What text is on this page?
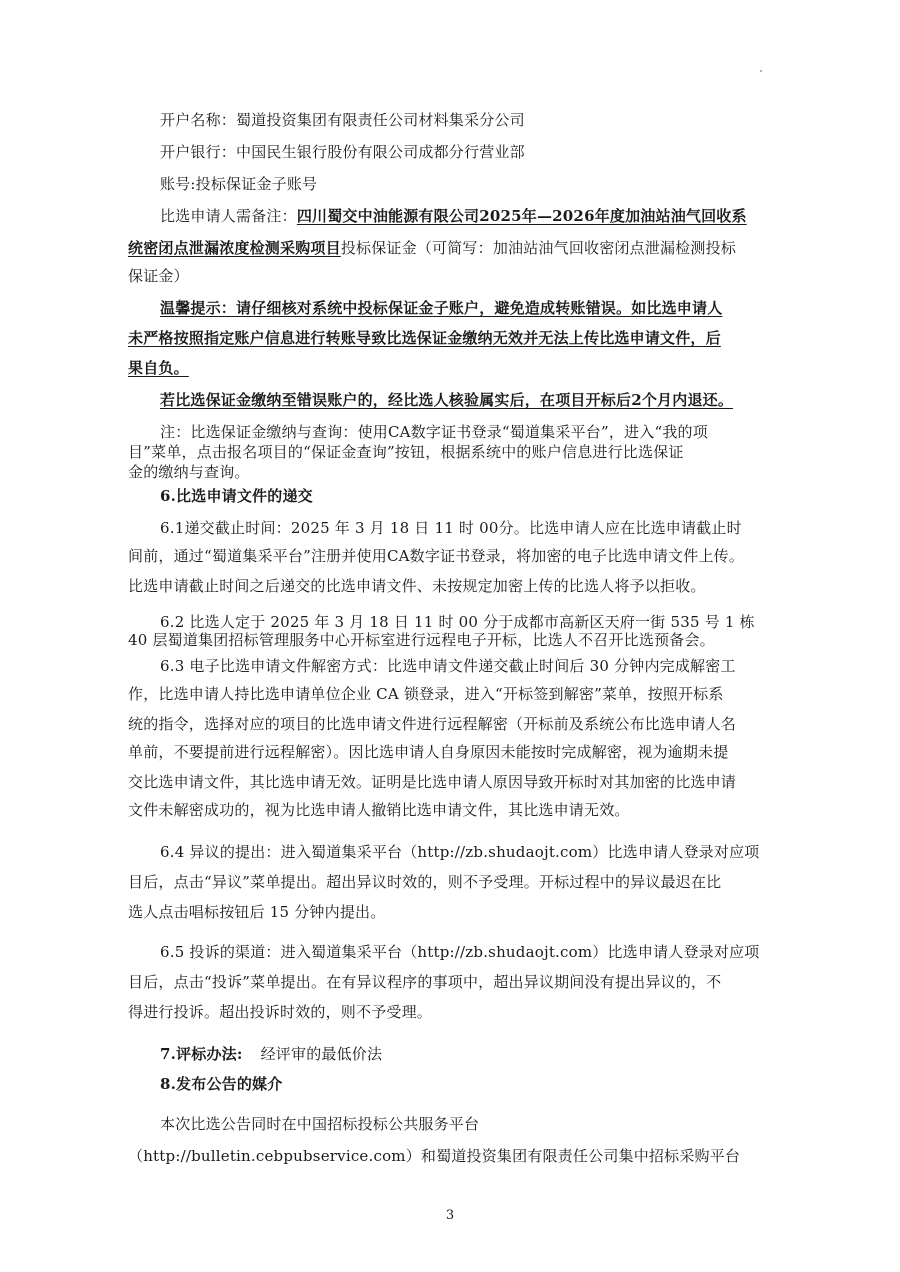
开户名称：蜀道投资集团有限责任公司材料集采分公司
开户银行：中国民生银行股份有限公司成都分行营业部
账号:投标保证金子账号
比选申请人需备注：四川蜀交中油能源有限公司2025年—2026年度加油站油气回收系
统密闭点泄漏浓度检测采购项目投标保证金（可简写：加油站油气回收密闭点泄漏检测投标
保证金）
温馨提示：请仔细核对系统中投标保证金子账户，避免造成转账错误。如比选申请人
未严格按照指定账户信息进行转账导致比选保证金缴纳无效并无法上传比选申请文件，后
果自负。
若比选保证金缴纳至错误账户的，经比选人核验属实后，在项目开标后2个月内退还。
注：比选保证金缴纳与查询：使用CA数字证书登录“蜀道集采平台”，进入“我的项
目”菜单，点击报名项目的“保证金查询”按钮，根据系统中的账户信息进行比选保证
金的缴纳与查询。
6.比选申请文件的递交
6.1递交截止时间：2025 年 3 月 18 日 11 时 00分。比选申请人应在比选申请截止时
间前，通过“蜀道集采平台”注册并使用CA数字证书登录，将加密的电子比选申请文件上传。
比选申请截止时间之后递交的比选申请文件、未按规定加密上传的比选人将予以拒收。
6.2 比选人定于 2025 年 3 月 18 日 11 时 00 分于成都市高新区天府一街 535 号 1 栋
40 层蜀道集团招标管理服务中心开标室进行远程电子开标，比选人不召开比选预备会。
6.3 电子比选申请文件解密方式：比选申请文件递交截止时间后 30 分钟内完成解密工
作，比选申请人持比选申请单位企业 CA 锁登录，进入“开标签到解密”菜单，按照开标系
统的指令，选择对应的项目的比选申请文件进行远程解密（开标前及系统公布比选申请人名
单前，不要提前进行远程解密）。因比选申请人自身原因未能按时完成解密，视为逾期未提
交比选申请文件，其比选申请无效。证明是比选申请人原因导致开标时对其加密的比选申请
文件未解密成功的，视为比选申请人撤销比选申请文件，其比选申请无效。
6.4 异议的提出：进入蜀道集采平台（http://zb.shudaojt.com）比选申请人登录对应项
目后，点击“异议”菜单提出。超出异议时效的，则不予受理。开标过程中的异议最迟在比
选人点击唱标按钮后 15 分钟内提出。
6.5 投诉的渠道：进入蜀道集采平台（http://zb.shudaojt.com）比选申请人登录对应项
目后，点击“投诉”菜单提出。在有异议程序的事项中，超出异议期间没有提出异议的，不
得进行投诉。超出投诉时效的，则不予受理。
7.评标办法: 经评审的最低价法
8.发布公告的媒介
本次比选公告同时在中国招标投标公共服务平台
（http://bulletin.cebpubservice.com）和蜀道投资集团有限责任公司集中招标采购平台
3
